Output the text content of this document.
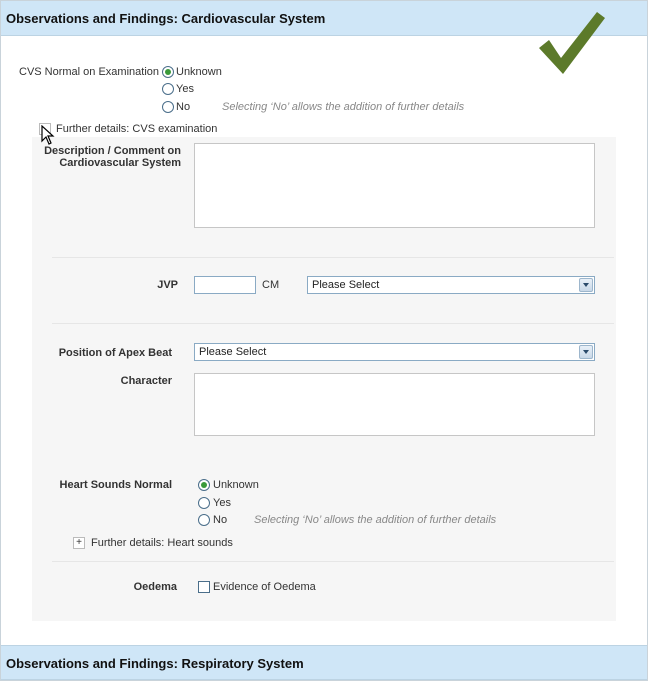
Observations and Findings: Cardiovascular System
CVS Normal on Examination Unknown
Yes
No	Selecting ‘No’ allows the addition of further details
Further details: CVS examination
Description / Comment on Cardiovascular System
JVP	CM	Please Select
Position of Apex Beat	Please Select
Character
Heart Sounds Normal	Unknown
Yes
No Selecting ‘No’ allows the addition of further details
+ Further details: Heart sounds
Oedema	Evidence of Oedema
Observations and Findings: Respiratory System
